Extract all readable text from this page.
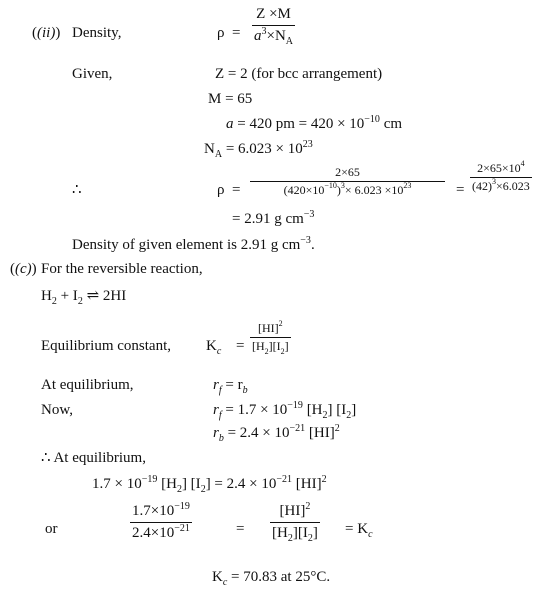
((ii)) Density,	$\rho = \frac{Z \times M}{a^3\times N_A}$
Given,	Z = 2 (for bcc arrangement)
M = 65
a = 420 pm = $420 \times 10^{-10}$ cm
$N_A = 6.023 \times 10^{23}$
∴	$\rho = \frac{2\times 65}{(420\times 10^{-10})^3\times 6.023 \times 10^{23}} = \frac{2\times 65\times 10^4}{(42)^3\times 6.023}$
= 2.91 g $cm^{-3}$
Density of given element is 2.91 g $cm^{-3}$.
((c)) For the reversible reaction,
$H_2 + I_2$ ⇌ 2HI
Equilibrium constant, $K_c = \frac{[HI]^2}{[H_2][I_2]}$
At equilibrium,	$r_f = r_b$
Now,	$r_f = 1.7 \times 10^{-19}$ $[H_2]$ $[I_2]$
$r_b = 2.4 \times 10^{-21}$ [HI]$^2$
∴ At equilibrium,
$1.7 \times 10^{-19}$ $[H_2] [I_2] = 2.4 \times 10^{-21}$ [HI]$^2$
or	$\frac{1.7\times 10^{-19}}{2.4\times 10^{-21}}$	= $\frac{[HI]^2}{[H_2][I_2]} = K_c$
$K_c = 70.83$ at 25°C.
